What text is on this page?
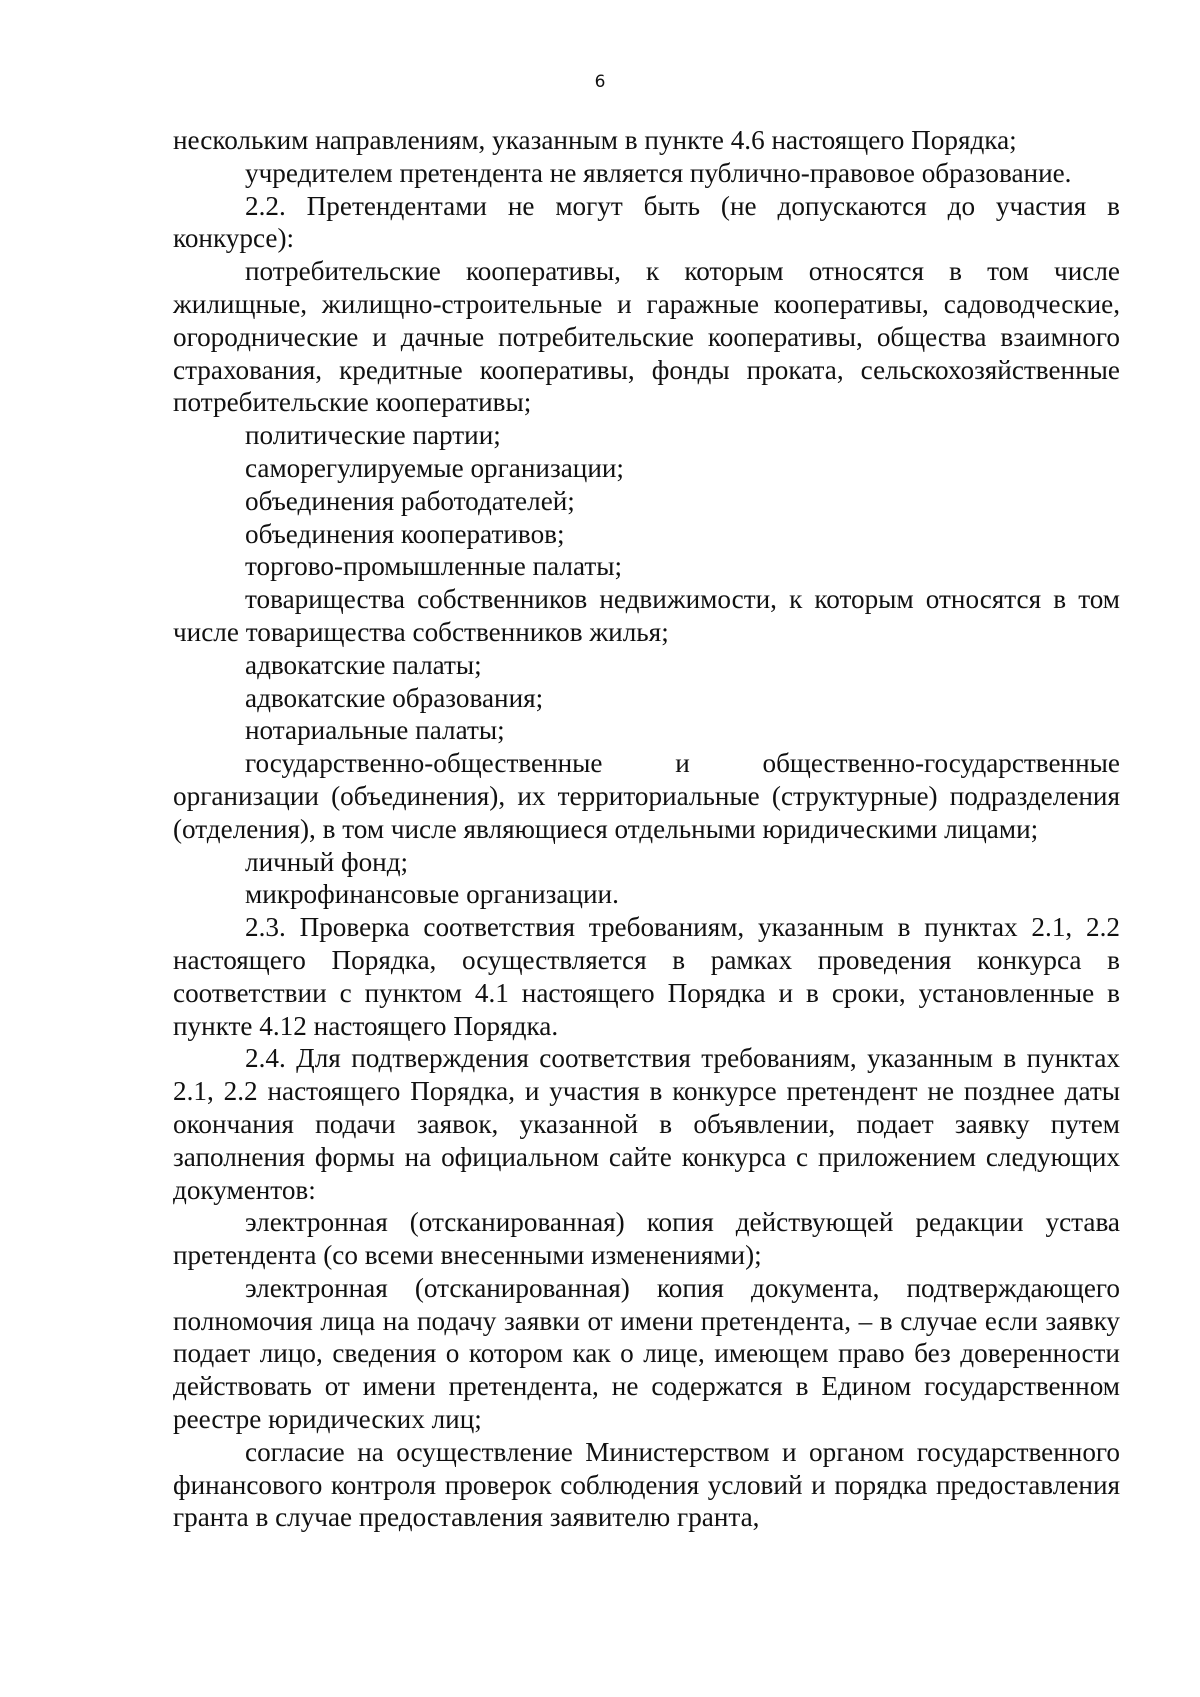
6

нескольким направлениям, указанным в пункте 4.6 настоящего Порядка;

учредителем претендента не является публично-правовое образование.

2.2. Претендентами не могут быть (не допускаются до участия в конкурсе):

потребительские кооперативы, к которым относятся в том числе жилищные, жилищно-строительные и гаражные кооперативы, садоводческие, огороднические и дачные потребительские кооперативы, общества взаимного страхования, кредитные кооперативы, фонды проката, сельскохозяйственные потребительские кооперативы;

политические партии;

саморегулируемые организации;

объединения работодателей;

объединения кооперативов;

торгово-промышленные палаты;

товарищества собственников недвижимости, к которым относятся в том числе товарищества собственников жилья;

адвокатские палаты;

адвокатские образования;

нотариальные палаты;

государственно-общественные и общественно-государственные организации (объединения), их территориальные (структурные) подразделения (отделения), в том числе являющиеся отдельными юридическими лицами;

личный фонд;

микрофинансовые организации.

2.3. Проверка соответствия требованиям, указанным в пунктах 2.1, 2.2 настоящего Порядка, осуществляется в рамках проведения конкурса в соответствии с пунктом 4.1 настоящего Порядка и в сроки, установленные в пункте 4.12 настоящего Порядка.

2.4. Для подтверждения соответствия требованиям, указанным в пунктах 2.1, 2.2 настоящего Порядка, и участия в конкурсе претендент не позднее даты окончания подачи заявок, указанной в объявлении, подает заявку путем заполнения формы на официальном сайте конкурса с приложением следующих документов:

электронная (отсканированная) копия действующей редакции устава претендента (со всеми внесенными изменениями);

электронная (отсканированная) копия документа, подтверждающего полномочия лица на подачу заявки от имени претендента, – в случае если заявку подает лицо, сведения о котором как о лице, имеющем право без доверенности действовать от имени претендента, не содержатся в Едином государственном реестре юридических лиц;

согласие на осуществление Министерством и органом государственного финансового контроля проверок соблюдения условий и порядка предоставления гранта в случае предоставления заявителю гранта,
